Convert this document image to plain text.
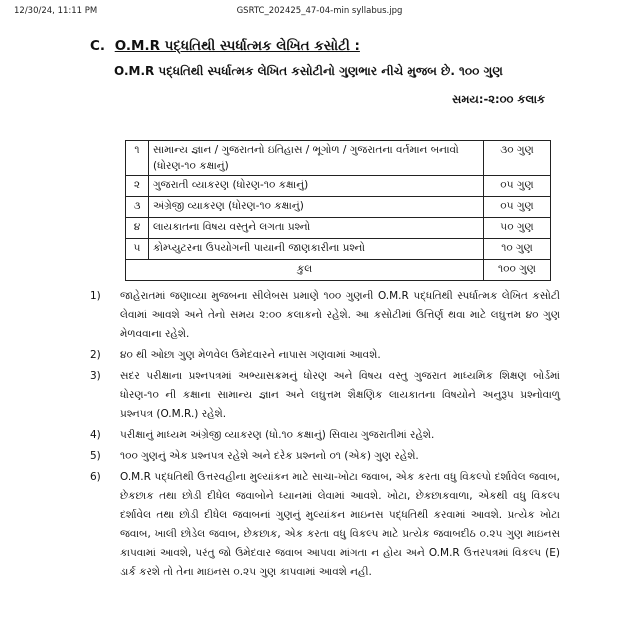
12/30/24, 11:11 PM	GSRTC_202425_47-04-min syllabus.jpg
C. O.M.R પદ્ધતિથી સ્પર્ધાત્મક લેખિત કસોટી :
O.M.R પદ્ધતિથી સ્પર્ધાત્મક લેખિત કસોટીનો ગુણભાર નીચે મુજબ છે. ૧૦૦ ગુણ
સમય:-૨:૦૦ કલાક
૧	સામાન્ય જ્ઞાન / ગુજરાતનો ઇતિહાસ / ભૂગોળ / ગુજરાતના વર્તમાન બનાવો (ધોરણ-૧૦ કક્ષાનું)	૩૦ ગુણ
૨	ગુજરાતી વ્યાકરણ (ધોરણ-૧૦ કક્ષાનું)	૦૫ ગુણ
૩	અંગ્રેજી વ્યાકરણ (ધોરણ-૧૦ કક્ષાનું)	૦૫ ગુણ
૪	લાયકાતના વિષય વસ્તુને લગતા પ્રશ્નો	૫૦ ગુણ
૫	કોમ્પ્યુટરના ઉપયોગની પાયાની જાણકારીના પ્રશ્નો	૧૦ ગુણ
કુલ		૧૦૦ ગુણ
1) જાહેરાતમાં જણાવ્યા મુજબના સીલેબસ પ્રમાણે ૧૦૦ ગુણની O.M.R પદ્ધતિથી સ્પર્ધાત્મક લેખિત કસોટી લેવામાં આવશે અને તેનો સમય ૨:૦૦ કલાકનો રહેશે. આ કસોટીમાં ઉત્તિર્ણ થવા માટે લઘુત્તમ ૪૦ ગુણ મેળવવાના રહેશે.
2) ૪૦ થી ઓછા ગુણ મેળવેલ ઉમેદવારને નાપાસ ગણવામાં આવશે.
3) સદર પરીક્ષાના પ્રશ્નપત્રમાં અભ્યાસક્રમનું ધોરણ અને વિષય વસ્તુ ગુજરાત માધ્યમિક શિક્ષણ બોર્ડમાં ધોરણ-૧૦ ની કક્ષાના સામાન્ય જ્ઞાન અને લઘુત્તમ શૈક્ષણિક લાયકાતના વિષયોને અનુરૂપ પ્રશ્નોવાળુ પ્રશ્નપત્ર (O.M.R.) રહેશે.
4) પરીક્ષાનું માધ્યમ અંગ્રેજી વ્યાકરણ (ધો.૧૦ કક્ષાનું) સિવાય ગુજરાતીમાં રહેશે.
5) ૧૦૦ ગુણનું એક પ્રશ્નપત્ર રહેશે અને દરેક પ્રશ્નનો ૦૧ (એક) ગુણ રહેશે.
6) O.M.R પદ્ધતિથી ઉત્તરવહીના મુલ્યાંકન માટે સાચા-ખોટા જવાબ, એક કરતા વધુ વિકલ્પો દર્શાવેલ જવાબ, છેકછાક તથા છોડી દીધેલ જવાબોને ધ્યાનમાં લેવામાં આવશે. ખોટા, છેકછાકવાળા, એકથી વધુ વિકલ્પ દર્શાવેલ તથા છોડી દીધેલ જવાબનાં ગુણનું મુલ્યાંકન માઇનસ પદ્ધતિથી કરવામાં આવશે. પ્રત્યેક ખોટા જવાબ, ખાલી છોડેલ જવાબ, છેકછાક, એક કરતા વધુ વિકલ્પ માટે પ્રત્યેક જવાબદીઠ ૦.૨૫ ગુણ માઇનસ કાપવામાં આવશે, પરંતુ જો ઉમેદવાર જવાબ આપવા માંગતા ન હોય અને O.M.R ઉત્તરપત્રમાં વિકલ્પ (E) ડાર્ક કરશે તો તેના માઇનસ ૦.૨૫ ગુણ કાપવામાં આવશે નહી.
